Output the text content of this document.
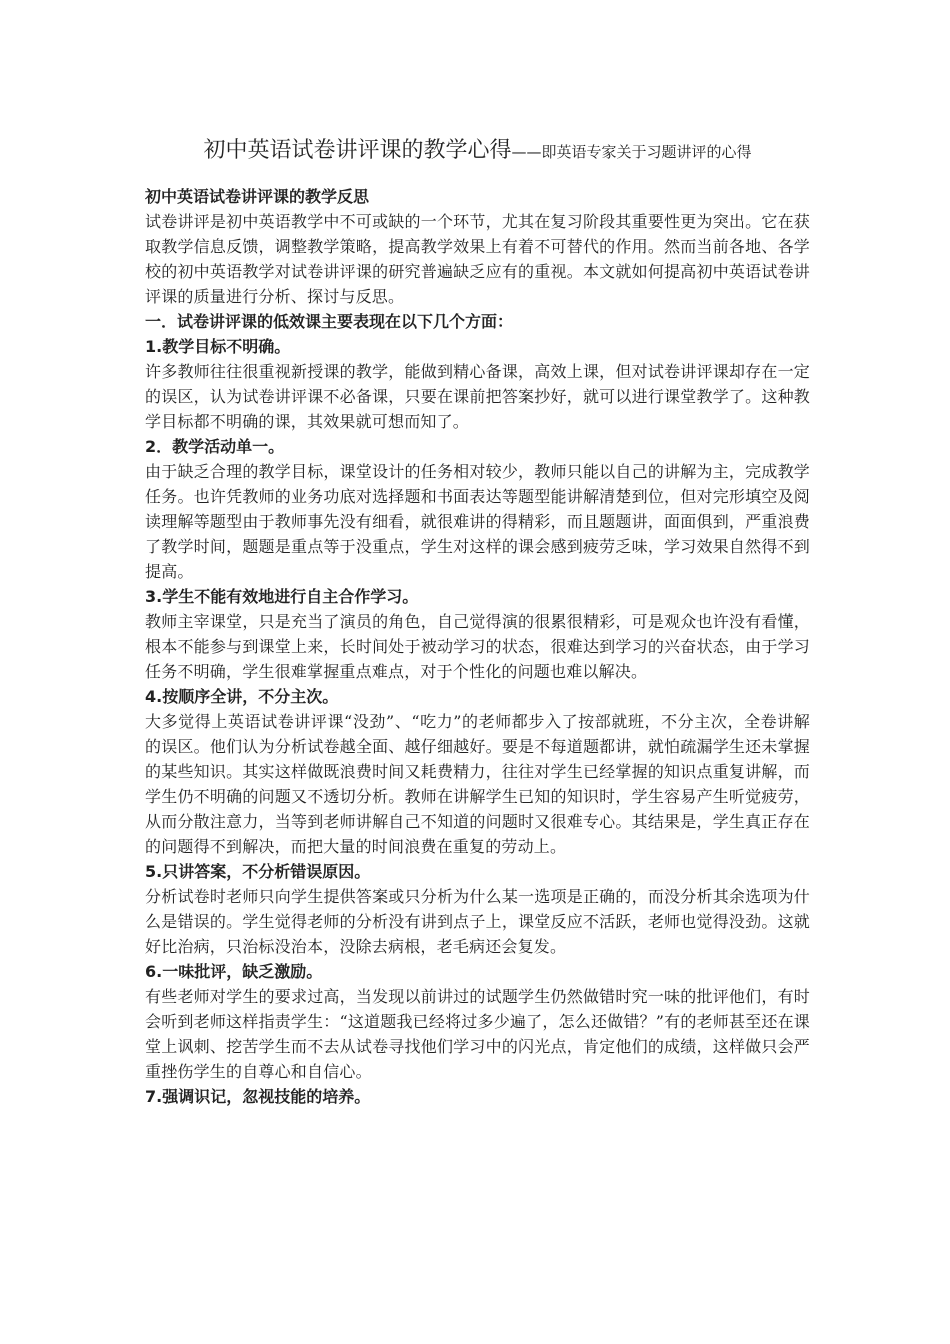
初中英语试卷讲评课的教学心得——即英语专家关于习题讲评的心得

初中英语试卷讲评课的教学反思

试卷讲评是初中英语教学中不可或缺的一个环节，尤其在复习阶段其重要性更为突出。它在获取教学信息反馈，调整教学策略，提高教学效果上有着不可替代的作用。然而当前各地、各学校的初中英语教学对试卷讲评课的研究普遍缺乏应有的重视。本文就如何提高初中英语试卷讲评课的质量进行分析、探讨与反思。

一．试卷讲评课的低效课主要表现在以下几个方面：

1.教学目标不明确。

许多教师往往很重视新授课的教学，能做到精心备课，高效上课，但对试卷讲评课却存在一定的误区，认为试卷讲评课不必备课，只要在课前把答案抄好，就可以进行课堂教学了。这种教学目标都不明确的课，其效果就可想而知了。

2．教学活动单一。

由于缺乏合理的教学目标，课堂设计的任务相对较少，教师只能以自己的讲解为主，完成教学任务。也许凭教师的业务功底对选择题和书面表达等题型能讲解清楚到位，但对完形填空及阅读理解等题型由于教师事先没有细看，就很难讲的得精彩，而且题题讲，面面俱到，严重浪费了教学时间，题题是重点等于没重点，学生对这样的课会感到疲劳乏味，学习效果自然得不到提高。

3.学生不能有效地进行自主合作学习。

教师主宰课堂，只是充当了演员的角色，自己觉得演的很累很精彩，可是观众也许没有看懂，根本不能参与到课堂上来，长时间处于被动学习的状态，很难达到学习的兴奋状态，由于学习任务不明确，学生很难掌握重点难点，对于个性化的问题也难以解决。

4.按顺序全讲，不分主次。

大多觉得上英语试卷讲评课“没劲”、“吃力”的老师都步入了按部就班，不分主次，全卷讲解的误区。他们认为分析试卷越全面、越仔细越好。要是不每道题都讲，就怕疏漏学生还未掌握的某些知识。其实这样做既浪费时间又耗费精力，往往对学生已经掌握的知识点重复讲解，而学生仍不明确的问题又不透切分析。教师在讲解学生已知的知识时，学生容易产生听觉疲劳，从而分散注意力，当等到老师讲解自己不知道的问题时又很难专心。其结果是，学生真正存在的问题得不到解决，而把大量的时间浪费在重复的劳动上。

5.只讲答案，不分析错误原因。

分析试卷时老师只向学生提供答案或只分析为什么某一选项是正确的，而没分析其余选项为什么是错误的。学生觉得老师的分析没有讲到点子上，课堂反应不活跃，老师也觉得没劲。这就好比治病，只治标没治本，没除去病根，老毛病还会复发。

6.一味批评，缺乏激励。

有些老师对学生的要求过高，当发现以前讲过的试题学生仍然做错时究一味的批评他们，有时会听到老师这样指责学生：“这道题我已经将过多少遍了，怎么还做错？”有的老师甚至还在课堂上讽刺、挖苦学生而不去从试卷寻找他们学习中的闪光点，肯定他们的成绩，这样做只会严重挫伤学生的自尊心和自信心。

7.强调识记，忽视技能的培养。
